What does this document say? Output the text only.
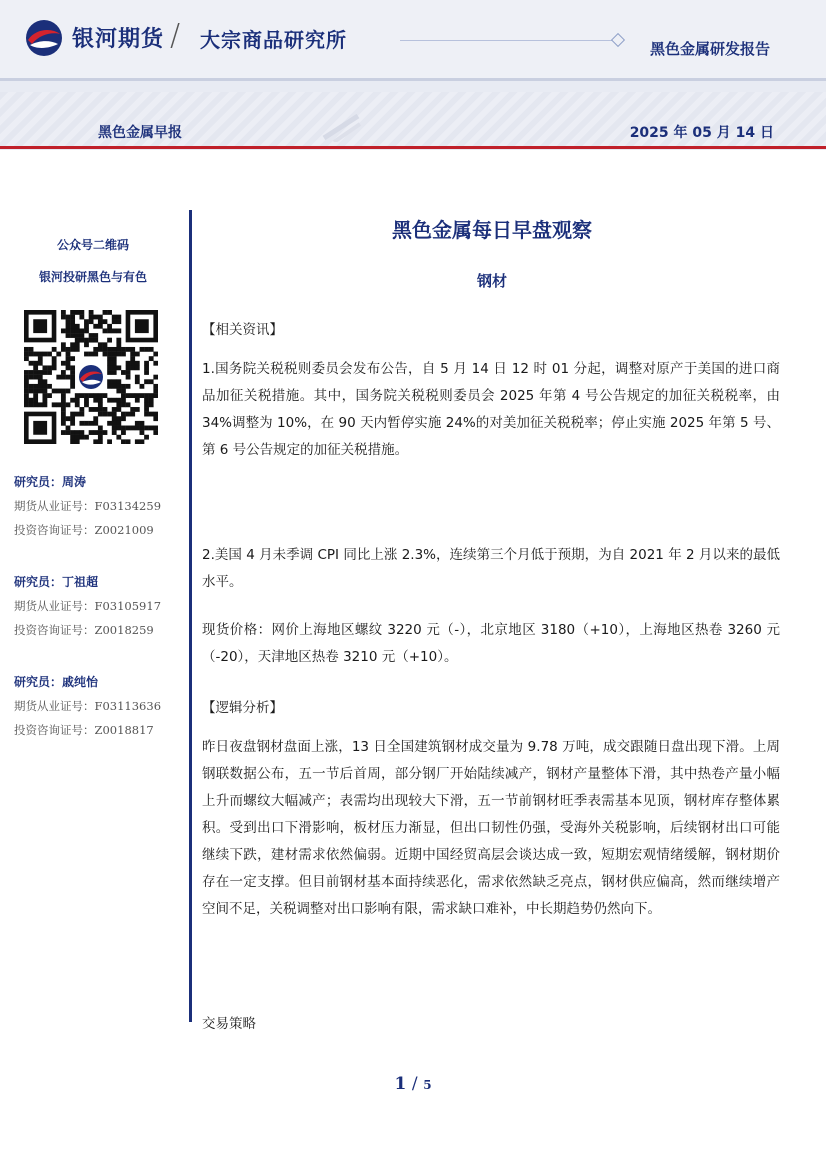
银河期货 / 大宗商品研究所	黑色金属研发报告
黑色金属早报	2025 年 05 月 14 日
公众号二维码
银河投研黑色与有色
研究员：周涛
期货从业证号：F03134259
投资咨询证号：Z0021009
研究员：丁祖超
期货从业证号：F03105917
投资咨询证号：Z0018259
研究员：戚纯怡
期货从业证号：F03113636
投资咨询证号：Z0018817
黑色金属每日早盘观察
钢材
【相关资讯】
1.国务院关税税则委员会发布公告，自 5 月 14 日 12 时 01 分起，调整对原产于美国的进口商品加征关税措施。其中，国务院关税税则委员会 2025 年第 4 号公告规定的加征关税税率，由 34%调整为 10%，在 90 天内暂停实施 24%的对美加征关税税率；停止实施 2025 年第 5 号、第 6 号公告规定的加征关税措施。
2.美国 4 月未季调 CPI 同比上涨 2.3%，连续第三个月低于预期，为自 2021 年 2 月以来的最低水平。
现货价格：网价上海地区螺纹 3220 元（-），北京地区 3180（+10），上海地区热卷 3260 元（-20），天津地区热卷 3210 元（+10）。
【逻辑分析】
昨日夜盘钢材盘面上涨，13 日全国建筑钢材成交量为 9.78 万吨，成交跟随日盘出现下滑。上周钢联数据公布，五一节后首周，部分钢厂开始陆续减产，钢材产量整体下滑，其中热卷产量小幅上升而螺纹大幅减产；表需均出现较大下滑，五一节前钢材旺季表需基本见顶，钢材库存整体累积。受到出口下滑影响，板材压力渐显，但出口韧性仍强，受海外关税影响，后续钢材出口可能继续下跌，建材需求依然偏弱。近期中国经贸高层会谈达成一致，短期宏观情绪缓解，钢材期价存在一定支撑。但目前钢材基本面持续恶化，需求依然缺乏亮点，钢材供应偏高，然而继续增产空间不足，关税调整对出口影响有限，需求缺口难补，中长期趋势仍然向下。
交易策略
1 / 5
